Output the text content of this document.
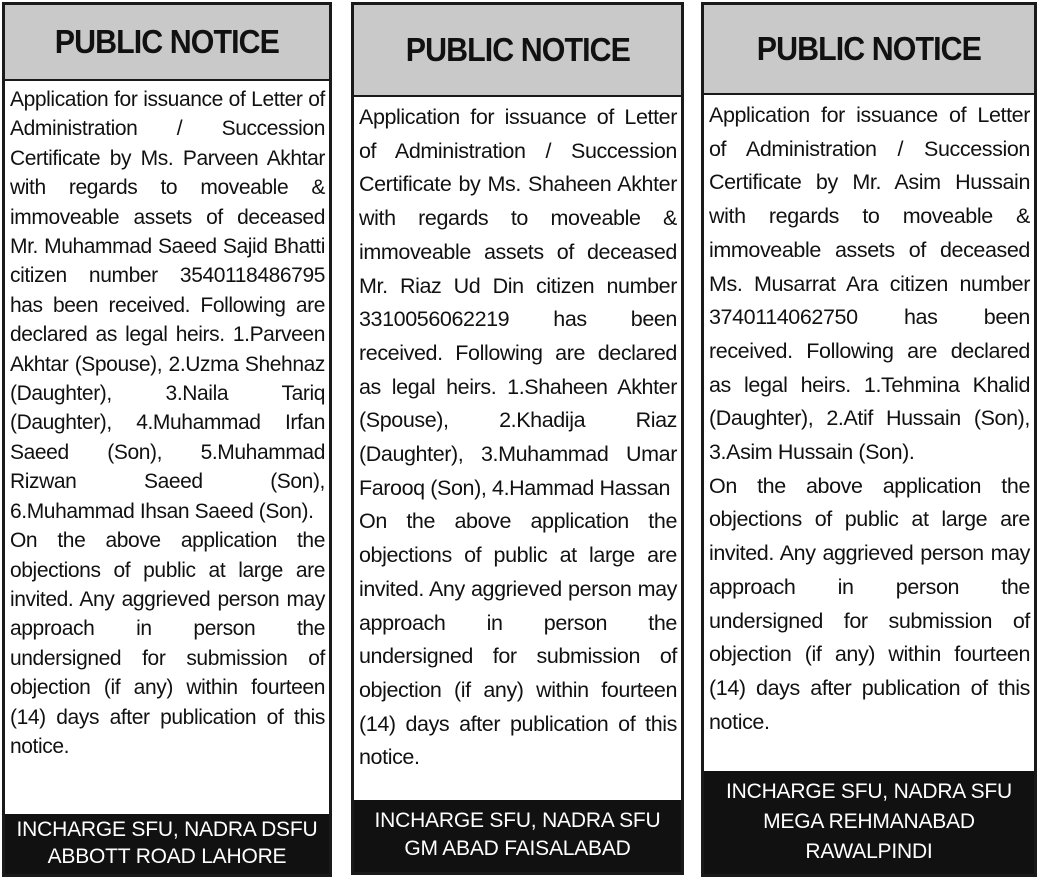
PUBLIC NOTICE

Application for issuance of Letter of Administration / Succession Certificate by Ms. Parveen Akhtar with regards to moveable & immoveable assets of deceased Mr. Muhammad Saeed Sajid Bhatti citizen number 3540118486795 has been received. Following are declared as legal heirs. 1.Parveen Akhtar (Spouse), 2.Uzma Shehnaz (Daughter), 3.Naila Tariq (Daughter), 4.Muhammad Irfan Saeed (Son), 5.Muhammad Rizwan Saeed (Son), 6.Muhammad Ihsan Saeed (Son).

On the above application the objections of public at large are invited. Any aggrieved person may approach in person the undersigned for submission of objection (if any) within fourteen (14) days after publication of this notice.

INCHARGE SFU, NADRA DSFU
ABBOTT ROAD LAHORE
PUBLIC NOTICE

Application for issuance of Letter of Administration / Succession Certificate by Ms. Shaheen Akhter with regards to moveable & immoveable assets of deceased Mr. Riaz Ud Din citizen number 3310056062219 has been received. Following are declared as legal heirs. 1.Shaheen Akhter (Spouse), 2.Khadija Riaz (Daughter), 3.Muhammad Umar Farooq (Son), 4.Hammad Hassan

On the above application the objections of public at large are invited. Any aggrieved person may approach in person the undersigned for submission of objection (if any) within fourteen (14) days after publication of this notice.

INCHARGE SFU, NADRA SFU
GM ABAD FAISALABAD
PUBLIC NOTICE

Application for issuance of Letter of Administration / Succession Certificate by Mr. Asim Hussain with regards to moveable & immoveable assets of deceased Ms. Musarrat Ara citizen number 3740114062750 has been received. Following are declared as legal heirs. 1.Tehmina Khalid (Daughter), 2.Atif Hussain (Son), 3.Asim Hussain (Son).

On the above application the objections of public at large are invited. Any aggrieved person may approach in person the undersigned for submission of objection (if any) within fourteen (14) days after publication of this notice.

INCHARGE SFU, NADRA SFU
MEGA REHMANABAD
RAWALPINDI
